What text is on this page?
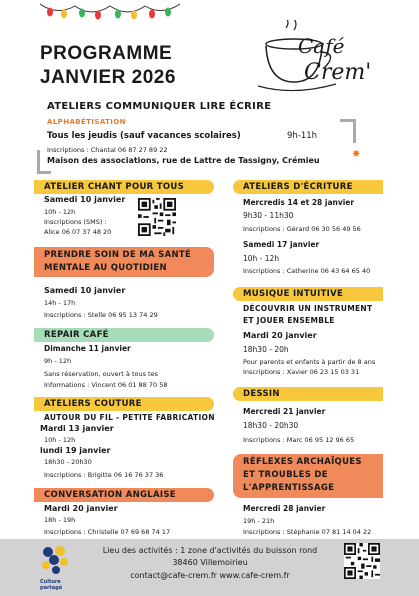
PROGRAMME
JANVIER 2026
Café
Crem'
ATELIERS COMMUNIQUER LIRE ÉCRIRE
ALPHABÉTISATION
Tous les jeudis (sauf vacances scolaires)	9h-11h
Inscriptions : Chantal 06 87 27 89 22
Maison des associations, rue de Lattre de Tassigny, Crémieu
✸
ATELIER CHANT POUR TOUS
Samedi 10 janvier
10h - 12h
Inscriptions (SMS) :
Alice 06 07 37 48 20
PRENDRE SOIN DE MA SANTÉ
MENTALE AU QUOTIDIEN
Samedi 10 janvier
14h - 17h
Inscriptions : Stelle 06 95 13 74 29
REPAIR CAFÉ
Dimanche 11 janvier
9h - 12h
Sans réservation, ouvert à tous tes
Informations : Vincent 06 01 88 70 58
ATELIERS COUTURE
AUTOUR DU FIL - PETITE FABRICATION
Mardi 13 janvier
10h - 12h
lundi 19 janvier
18h30 - 20h30
Inscriptions : Brigitte 06 16 76 37 36
CONVERSATION ANGLAISE
Mardi 20 janvier
18h - 19h
Inscriptions : Christelle 07 69 68 74 17
ATELIERS D'ÉCRITURE
Mercredis 14 et 28 janvier
9h30 - 11h30
Inscriptions : Gérard 06 30 56 49 56
Samedi 17 janvier
10h - 12h
Inscriptions : Catherine 06 43 64 65 40
MUSIQUE INTUITIVE
DÉCOUVRIR UN INSTRUMENT
ET JOUER ENSEMBLE
Mardi 20 janvier
18h30 - 20h
Pour parents et enfants à partir de 8 ans
Inscriptions : Xavier 06 23 15 03 31
DESSIN
Mercredi 21 janvier
18h30 - 20h30
Inscriptions : Marc 06 95 12 96 65
RÉFLEXES ARCHAÏQUES
ET TROUBLES DE
L'APPRENTISSAGE
Mercredi 28 janvier
19h - 21h
Inscriptions : Stéphanie 07 81 14 04 22
Lieu des activités : 1 zone d'activités du buisson rond
38460 Villemoirieu
contact@cafe-crem.fr www.cafe-crem.fr
Culture partagé
